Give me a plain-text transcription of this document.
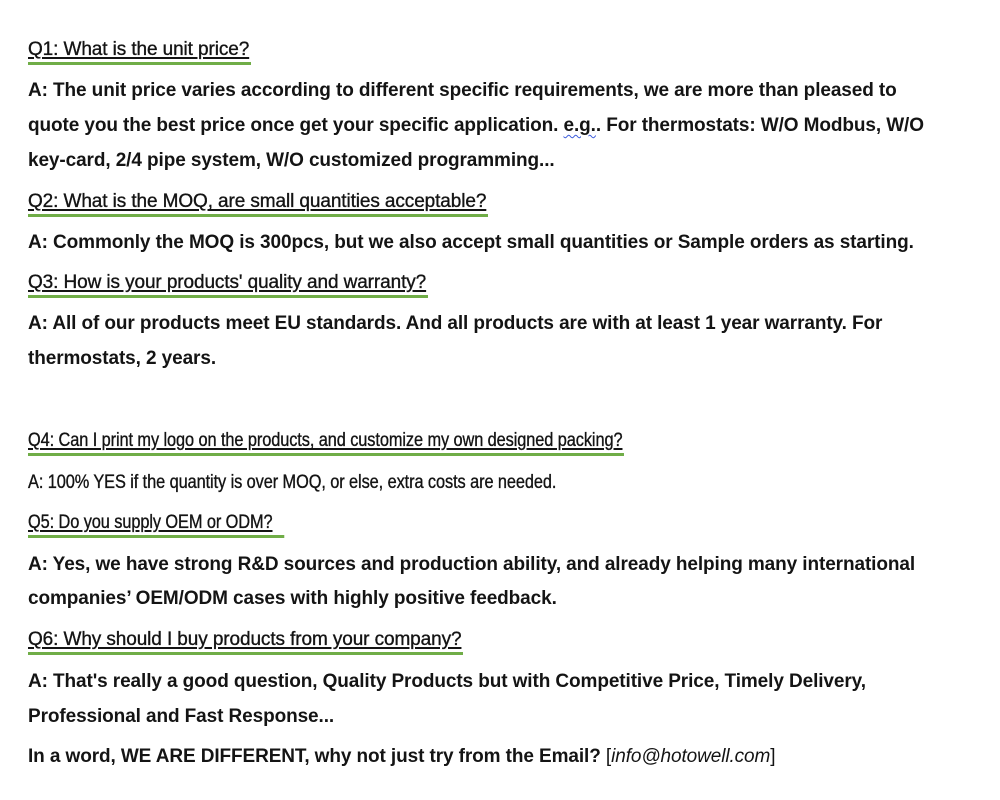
Q1: What is the unit price?
A: The unit price varies according to different specific requirements, we are more than pleased to
quote you the best price once get your specific application. e.g.. For thermostats: W/O Modbus, W/O
key-card, 2/4 pipe system, W/O customized programming...
Q2: What is the MOQ, are small quantities acceptable?
A: Commonly the MOQ is 300pcs, but we also accept small quantities or Sample orders as starting.
Q3: How is your products' quality and warranty?
A: All of our products meet EU standards. And all products are with at least 1 year warranty. For
thermostats, 2 years.
Q4: Can I print my logo on the products, and customize my own designed packing?
A: 100% YES if the quantity is over MOQ, or else, extra costs are needed.
Q5: Do you supply OEM or ODM?
A: Yes, we have strong R&D sources and production ability, and already helping many international
companies’ OEM/ODM cases with highly positive feedback.
Q6: Why should I buy products from your company?
A: That's really a good question, Quality Products but with Competitive Price, Timely Delivery,
Professional and Fast Response...
In a word, WE ARE DIFFERENT, why not just try from the Email? [info@hotowell.com]
